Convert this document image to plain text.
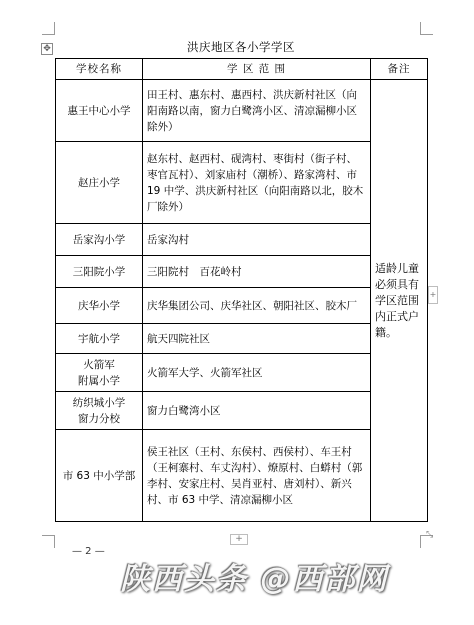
✥	洪庆地区各小学学区
学校名称	学 区 范 围	备注
惠王中心小学	田王村、惠东村、惠西村、洪庆新村社区（向阳南路以南，窗力白鹭湾小区、清凉漏柳小区除外）	适龄儿童必须具有学区范围内正式户籍。
赵庄小学	赵东村、赵西村、砚湾村、枣街村（街子村、枣官瓦村）、刘家庙村（潮桥）、路家湾村、市 19 中学、洪庆新村社区（向阳南路以北，胶木厂除外）	
岳家沟小学	岳家沟村	
三阳院小学	三阳院村　百花岭村	
庆华小学	庆华集团公司、庆华社区、朝阳社区、胶木厂	
宇航小学	航天四院社区	

火箭军
附属小学	火箭军大学、火箭军社区	

纺织城小学
窗力分校	窗力白鹭湾小区	
市 63 中小学部	侯王社区（王村、东侯村、西侯村）、车王村（王柯寨村、车丈沟村）、燎原村、白蟒村（郭李村、安家庄村、吴肖亚村、唐刘村）、新兴村、市 63 中学、清凉漏柳小区	
+
+	⤡
— 2 —
陕西头条 @西部网
